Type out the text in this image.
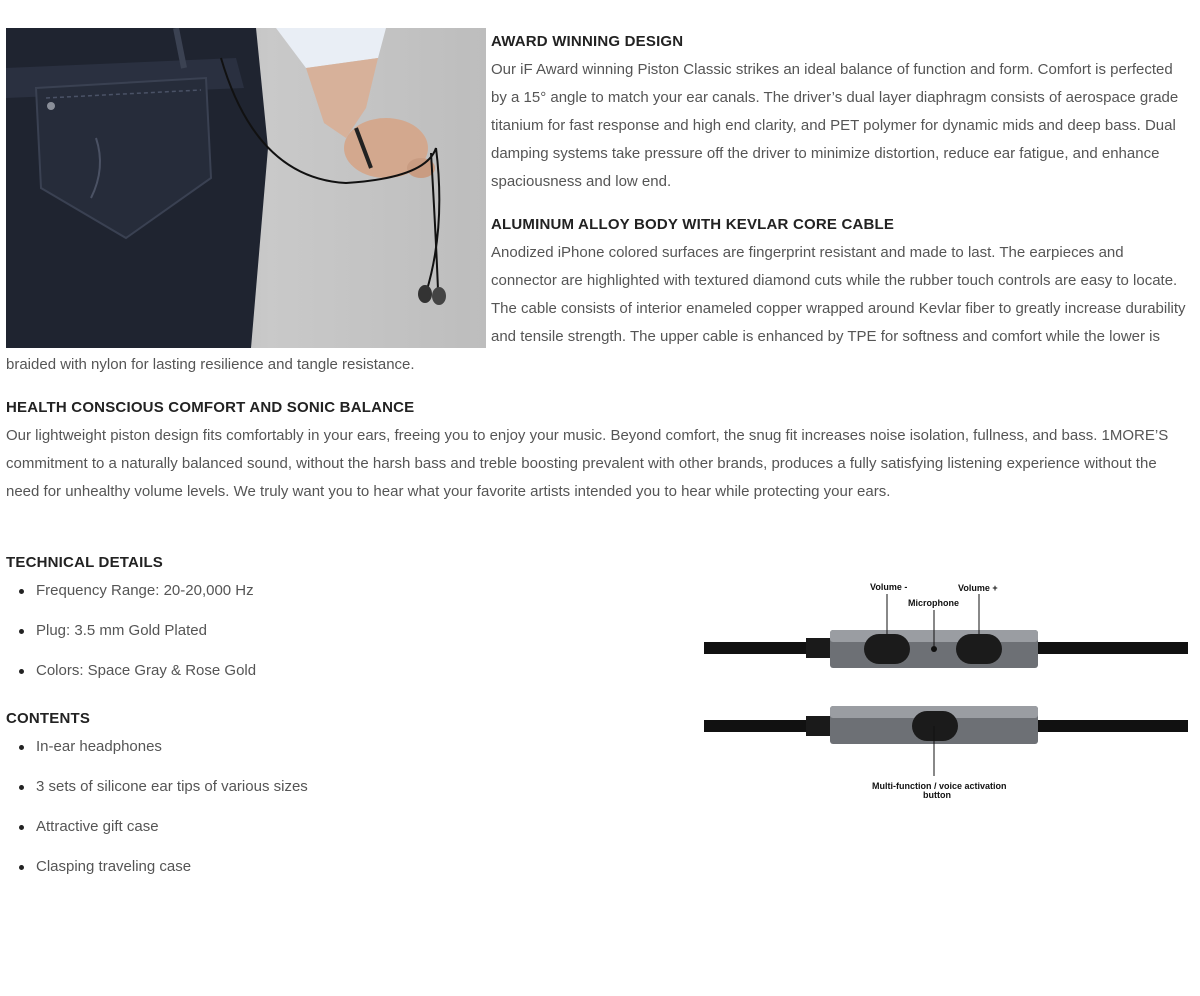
AWARD WINNING DESIGN

Our iF Award winning Piston Classic strikes an ideal balance of function and form. Comfort is perfected by a 15° angle to match your ear canals. The driver’s dual layer diaphragm consists of aerospace grade titanium for fast response and high end clarity, and PET polymer for dynamic mids and deep bass. Dual damping systems take pressure off the driver to minimize distortion, reduce ear fatigue, and enhance spaciousness and low end.

ALUMINUM ALLOY BODY WITH KEVLAR CORE CABLE

Anodized iPhone colored surfaces are fingerprint resistant and made to last. The earpieces and connector are highlighted with textured diamond cuts while the rubber touch controls are easy to locate. The cable consists of interior enameled copper wrapped around Kevlar fiber to greatly increase durability and tensile strength. The upper cable is enhanced by TPE for softness and comfort while the lower is braided with nylon for lasting resilience and tangle resistance.

HEALTH CONSCIOUS COMFORT AND SONIC BALANCE

Our lightweight piston design fits comfortably in your ears, freeing you to enjoy your music. Beyond comfort, the snug fit increases noise isolation, fullness, and bass. 1MORE’S commitment to a naturally balanced sound, without the harsh bass and treble boosting prevalent with other brands, produces a fully satisfying listening experience without the need for unhealthy volume levels. We truly want you to hear what your favorite artists intended you to hear while protecting your ears.

TECHNICAL DETAILS
Frequency Range: 20-20,000 Hz
Plug: 3.5 mm Gold Plated
Colors: Space Gray & Rose Gold
CONTENTS
In-ear headphones
3 sets of silicone ear tips of various sizes
Attractive gift case
Clasping traveling case
Volume -	Volume +
Microphone
Multi-function / voice activation
button
